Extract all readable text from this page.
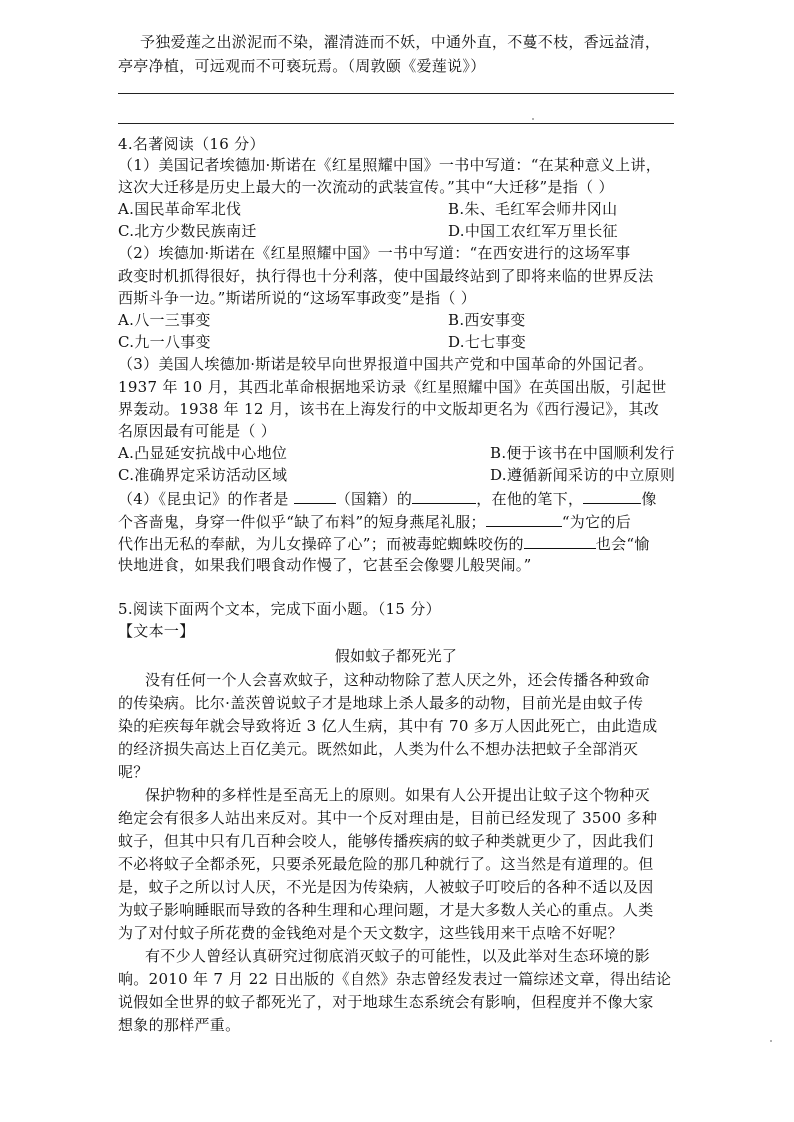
予独爱莲之出淤泥而不染，濯清涟而不妖，中通外直，不蔓不枝，香远益清，
亭亭净植，可远观而不可亵玩焉。（周敦颐《爱莲说》）
4.名著阅读（16 分）
（1）美国记者埃德加·斯诺在《红星照耀中国》一书中写道：“在某种意义上讲，
这次大迁移是历史上最大的一次流动的武装宣传。”其中“大迁移”是指（ ）
A.国民革命军北伐	B.朱、毛红军会师井冈山
C.北方少数民族南迁	D.中国工农红军万里长征
（2）埃德加·斯诺在《红星照耀中国》一书中写道：“在西安进行的这场军事
政变时机抓得很好，执行得也十分利落，使中国最终站到了即将来临的世界反法
西斯斗争一边。”斯诺所说的“这场军事政变”是指（ ）
A.八一三事变	B.西安事变
C.九一八事变	D.七七事变
（3）美国人埃德加·斯诺是较早向世界报道中国共产党和中国革命的外国记者。
1937 年 10 月，其西北革命根据地采访录《红星照耀中国》在英国出版，引起世
界轰动。1938 年 12 月，该书在上海发行的中文版却更名为《西行漫记》，其改
名原因最有可能是（ ）
A.凸显延安抗战中心地位	B.便于该书在中国顺利发行
C.准确界定采访活动区域	D.遵循新闻采访的中立原则
（4）《昆虫记》的作者是	（国籍）的	，在他的笔下，	像
个吝啬鬼，身穿一件似乎“缺了布料”的短身燕尾礼服；	“为它的后
代作出无私的奉献，为儿女操碎了心”；而被毒蛇蜘蛛咬伤的	也会“愉
快地进食，如果我们喂食动作慢了，它甚至会像婴儿般哭闹。”
5.阅读下面两个文本，完成下面小题。（15 分）
【文本一】
假如蚊子都死光了
没有任何一个人会喜欢蚊子，这种动物除了惹人厌之外，还会传播各种致命
的传染病。比尔·盖茨曾说蚊子才是地球上杀人最多的动物，目前光是由蚊子传
染的疟疾每年就会导致将近 3 亿人生病，其中有 70 多万人因此死亡，由此造成
的经济损失高达上百亿美元。既然如此，人类为什么不想办法把蚊子全部消灭
呢？
保护物种的多样性是至高无上的原则。如果有人公开提出让蚊子这个物种灭
绝定会有很多人站出来反对。其中一个反对理由是，目前已经发现了 3500 多种
蚊子，但其中只有几百种会咬人，能够传播疾病的蚊子种类就更少了，因此我们
不必将蚊子全都杀死，只要杀死最危险的那几种就行了。这当然是有道理的。但
是，蚊子之所以讨人厌，不光是因为传染病，人被蚊子叮咬后的各种不适以及因
为蚊子影响睡眠而导致的各种生理和心理问题，才是大多数人关心的重点。人类
为了对付蚊子所花费的金钱绝对是个天文数字，这些钱用来干点啥不好呢？
有不少人曾经认真研究过彻底消灭蚊子的可能性，以及此举对生态环境的影
响。2010 年 7 月 22 日出版的《自然》杂志曾经发表过一篇综述文章，得出结论
说假如全世界的蚊子都死光了，对于地球生态系统会有影响，但程度并不像大家
想象的那样严重。
